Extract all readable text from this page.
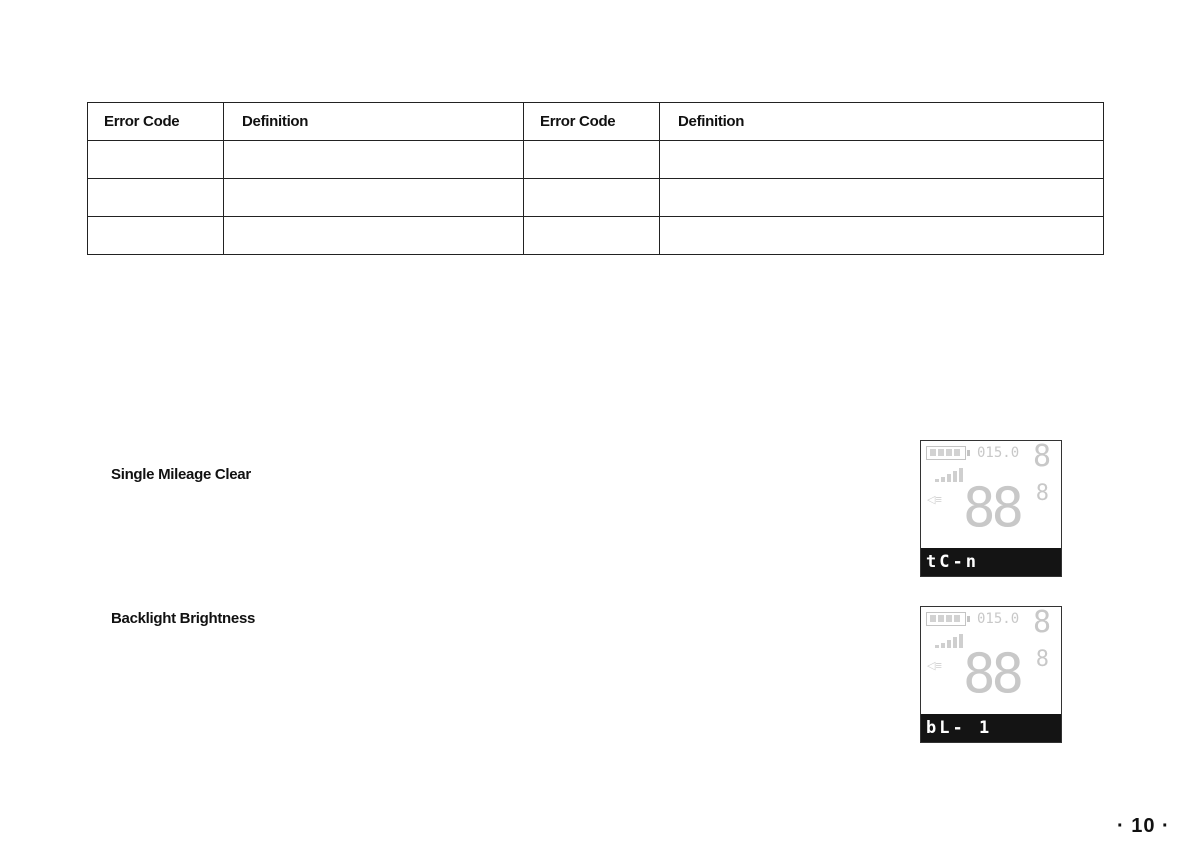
Error Code	Definition	Error Code	Definition

Single Mileage Clear
015.0 8
◁≡ 88 8
tC-n
Backlight Brightness	015.0 8
◁≡ 88 8
bL- 1
· 10 ·
